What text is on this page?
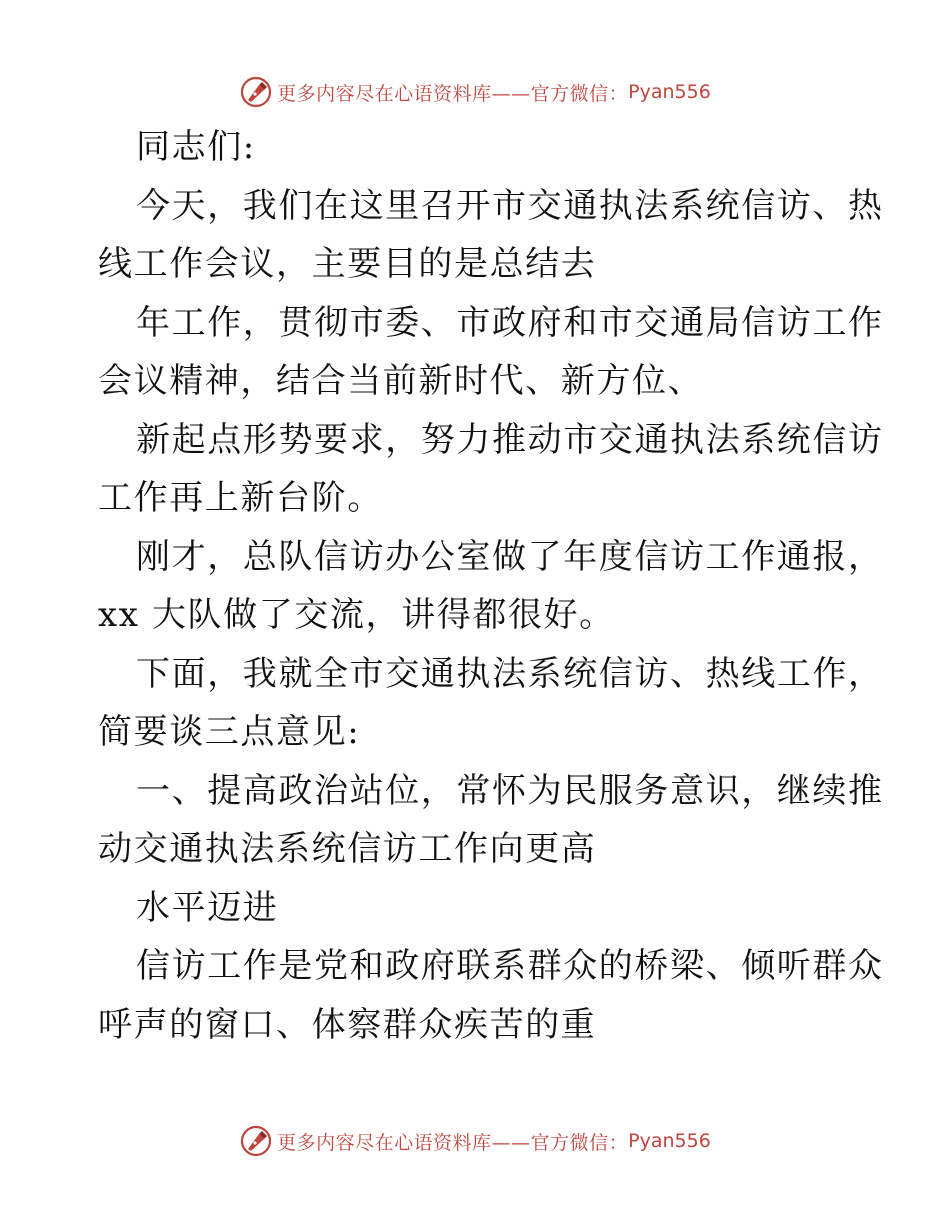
更多内容尽在心语资料库——官方微信： Pyan556
同志们:
今天，我们在这里召开市交通执法系统信访、热
线工作会议，主要目的是总结去
年工作，贯彻市委、市政府和市交通局信访工作
会议精神，结合当前新时代、新方位、
新起点形势要求，努力推动市交通执法系统信访
工作再上新台阶。
刚才，总队信访办公室做了年度信访工作通报，
xx 大队做了交流，讲得都很好。
下面，我就全市交通执法系统信访、热线工作，
简要谈三点意见:
一、提高政治站位，常怀为民服务意识，继续推
动交通执法系统信访工作向更高
水平迈进
信访工作是党和政府联系群众的桥梁、倾听群众
呼声的窗口、体察群众疾苦的重
更多内容尽在心语资料库——官方微信： Pyan556
